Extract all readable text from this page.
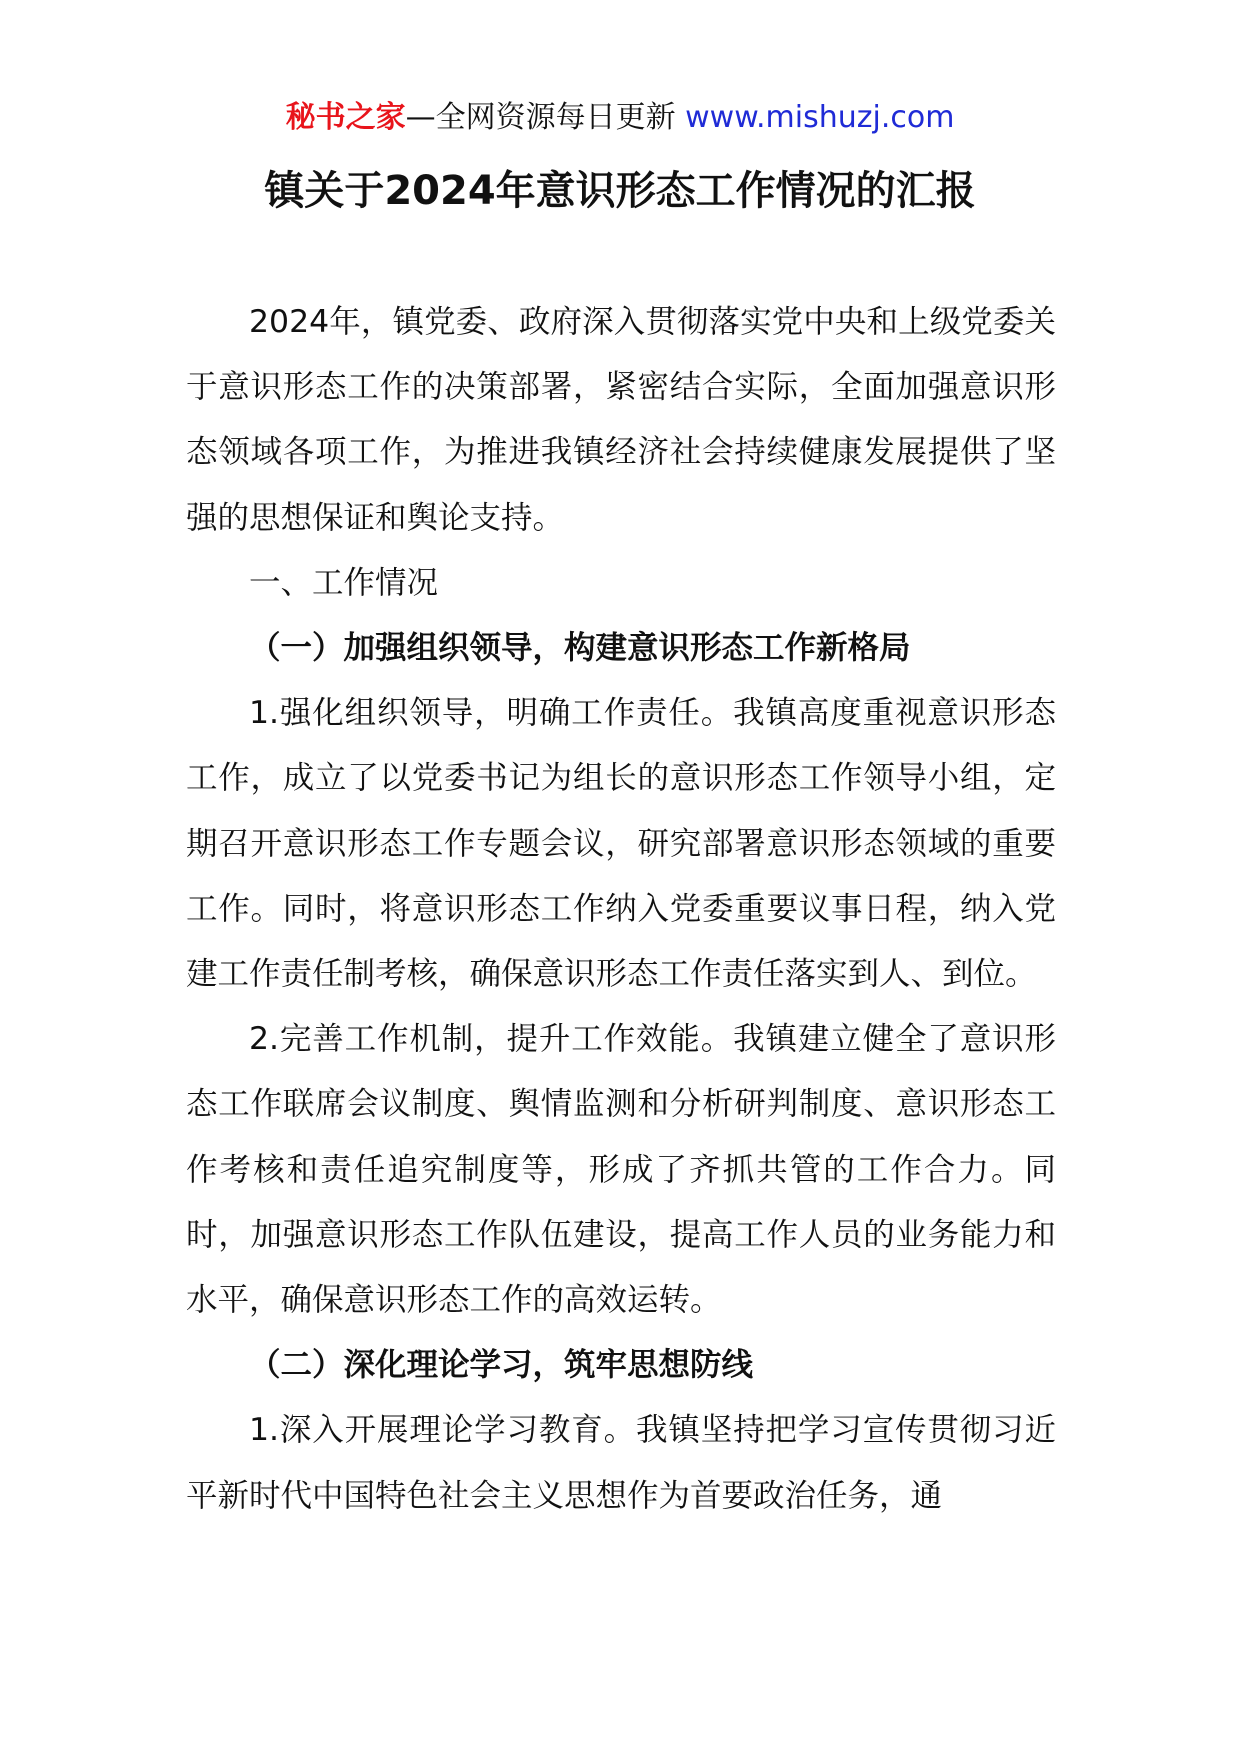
秘书之家—全网资源每日更新 www.mishuzj.com
镇关于2024年意识形态工作情况的汇报

2024年，镇党委、政府深入贯彻落实党中央和上级党委关于意识形态工作的决策部署，紧密结合实际，全面加强意识形态领域各项工作，为推进我镇经济社会持续健康发展提供了坚强的思想保证和舆论支持。

一、工作情况

（一）加强组织领导，构建意识形态工作新格局

1.强化组织领导，明确工作责任。我镇高度重视意识形态工作，成立了以党委书记为组长的意识形态工作领导小组，定期召开意识形态工作专题会议，研究部署意识形态领域的重要工作。同时，将意识形态工作纳入党委重要议事日程，纳入党建工作责任制考核，确保意识形态工作责任落实到人、到位。

2.完善工作机制，提升工作效能。我镇建立健全了意识形态工作联席会议制度、舆情监测和分析研判制度、意识形态工作考核和责任追究制度等，形成了齐抓共管的工作合力。同时，加强意识形态工作队伍建设，提高工作人员的业务能力和水平，确保意识形态工作的高效运转。

（二）深化理论学习，筑牢思想防线

1.深入开展理论学习教育。我镇坚持把学习宣传贯彻习近平新时代中国特色社会主义思想作为首要政治任务，通
